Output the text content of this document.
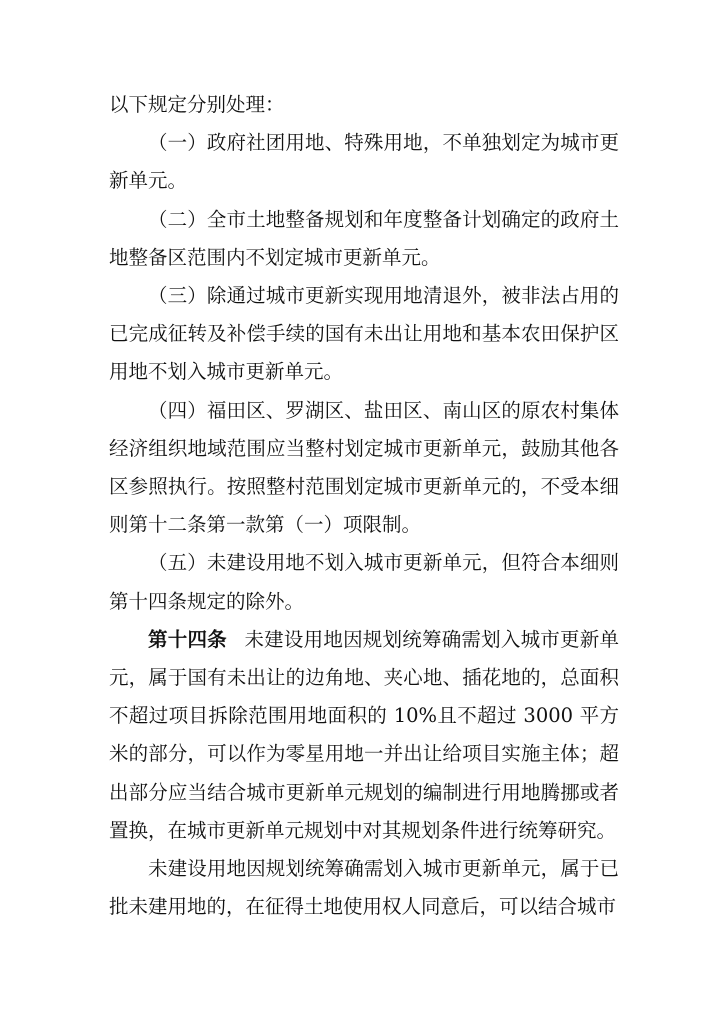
以下规定分别处理：

（一）政府社团用地、特殊用地，不单独划定为城市更新单元。

（二）全市土地整备规划和年度整备计划确定的政府土地整备区范围内不划定城市更新单元。

（三）除通过城市更新实现用地清退外，被非法占用的已完成征转及补偿手续的国有未出让用地和基本农田保护区用地不划入城市更新单元。

（四）福田区、罗湖区、盐田区、南山区的原农村集体经济组织地域范围应当整村划定城市更新单元，鼓励其他各区参照执行。按照整村范围划定城市更新单元的，不受本细则第十二条第一款第（一）项限制。

（五）未建设用地不划入城市更新单元，但符合本细则第十四条规定的除外。

第十四条 未建设用地因规划统筹确需划入城市更新单元，属于国有未出让的边角地、夹心地、插花地的，总面积不超过项目拆除范围用地面积的 10%且不超过 3000 平方米的部分，可以作为零星用地一并出让给项目实施主体；超出部分应当结合城市更新单元规划的编制进行用地腾挪或者置换，在城市更新单元规划中对其规划条件进行统筹研究。

未建设用地因规划统筹确需划入城市更新单元，属于已批未建用地的，在征得土地使用权人同意后，可以结合城市
